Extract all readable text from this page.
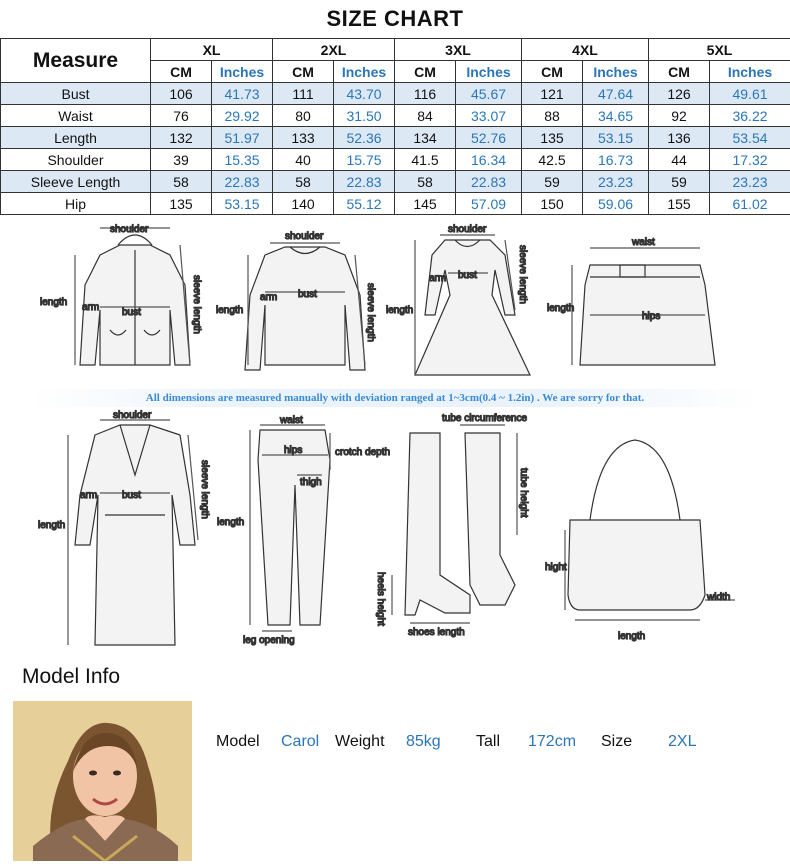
SIZE CHART
Measure	XL		2XL		3XL		4XL		5XL	
	CM	Inches	CM	Inches	CM	Inches	CM	Inches	CM	Inches
Bust	106	41.73	111	43.70	116	45.67	121	47.64	126	49.61
Waist	76	29.92	80	31.50	84	33.07	88	34.65	92	36.22
Length	132	51.97	133	52.36	134	52.76	135	53.15	136	53.54
Shoulder	39	15.35	40	15.75	41.5	16.34	42.5	16.73	44	17.32
Sleeve Length	58	22.83	58	22.83	58	22.83	59	23.23	59	23.23
Hip	135	53.15	140	55.12	145	57.09	150	59.06	155	61.02
shoulder
length arm bust	sleeve length
shoulder
length
arm bust	sleeve length
shoulder
length
arm bust	sleeve length
waist
length
hips
shoulder
length
arm bust	sleeve length
waist
hips	crotch depth
thigh
length
leg opening
tube circumference
tube height
heels height
shoes length
hight
width
length
All dimensions are measured manually with deviation ranged at 1~3cm(0.4 ~ 1.2in) . We are sorry for that.
Model Info
Model Carol Weight 85kg Tall 172cm Size 2XL
